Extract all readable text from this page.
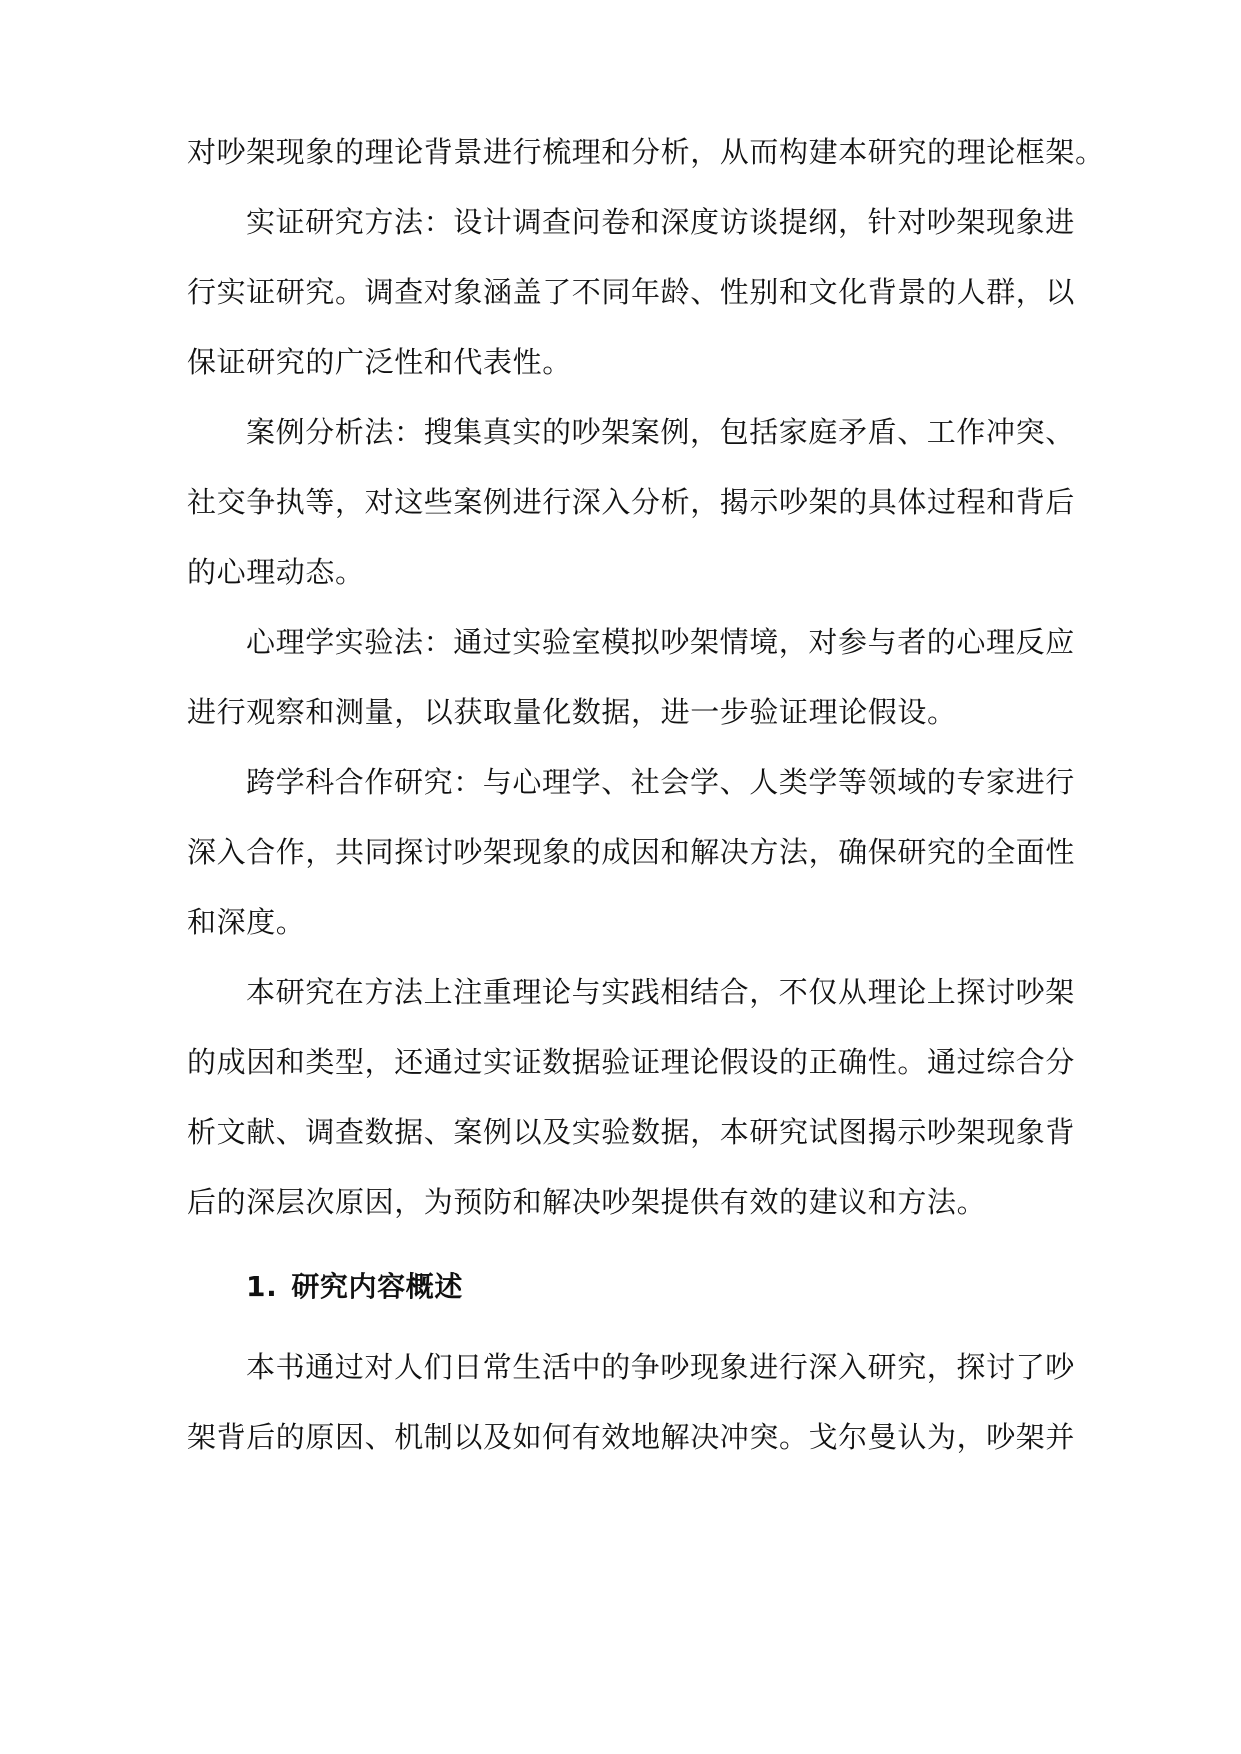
对吵架现象的理论背景进行梳理和分析，从而构建本研究的理论框架。
实证研究方法：设计调查问卷和深度访谈提纲，针对吵架现象进
行实证研究。调查对象涵盖了不同年龄、性别和文化背景的人群，以
保证研究的广泛性和代表性。
案例分析法：搜集真实的吵架案例，包括家庭矛盾、工作冲突、
社交争执等，对这些案例进行深入分析，揭示吵架的具体过程和背后
的心理动态。
心理学实验法：通过实验室模拟吵架情境，对参与者的心理反应
进行观察和测量，以获取量化数据，进一步验证理论假设。
跨学科合作研究：与心理学、社会学、人类学等领域的专家进行
深入合作，共同探讨吵架现象的成因和解决方法，确保研究的全面性
和深度。
本研究在方法上注重理论与实践相结合，不仅从理论上探讨吵架
的成因和类型，还通过实证数据验证理论假设的正确性。通过综合分
析文献、调查数据、案例以及实验数据，本研究试图揭示吵架现象背
后的深层次原因，为预防和解决吵架提供有效的建议和方法。
1. 研究内容概述
本书通过对人们日常生活中的争吵现象进行深入研究，探讨了吵
架背后的原因、机制以及如何有效地解决冲突。戈尔曼认为，吵架并
